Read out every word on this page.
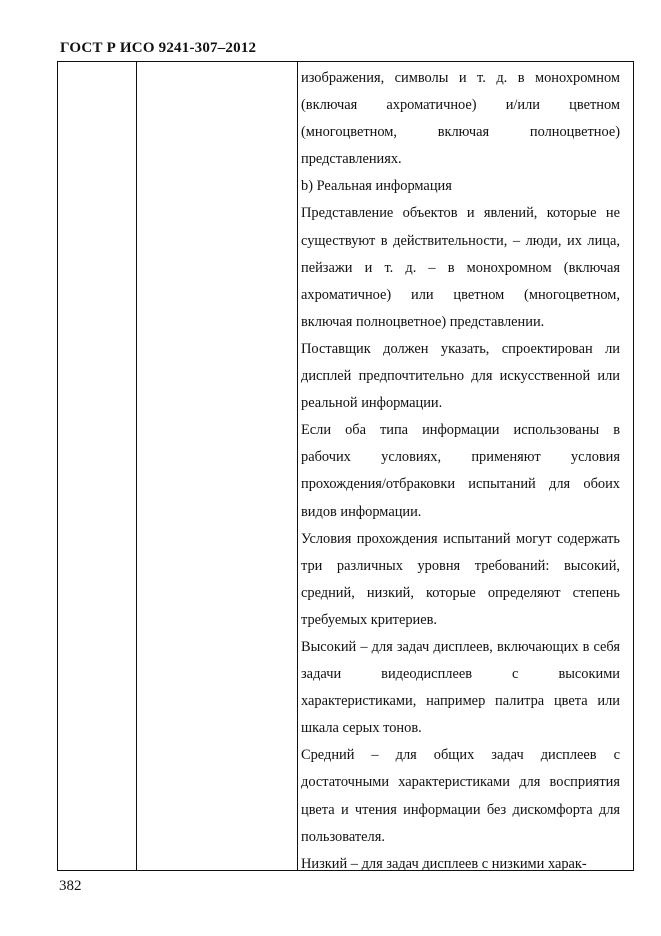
ГОСТ Р ИСО 9241-307–2012

изображения, символы и т. д. в монохромном (включая ахроматичное) и/или цветном (многоцветном, включая полноцветное) представлениях.

b) Реальная информация

Представление объектов и явлений, которые не существуют в действительности, – люди, их лица, пейзажи и т. д. – в монохромном (включая ахроматичное) или цветном (многоцветном, включая полноцветное) представлении.

Поставщик должен указать, спроектирован ли дисплей предпочтительно для искусственной или реальной информации.

Если оба типа информации использованы в рабочих условиях, применяют условия прохождения/отбраковки испытаний для обоих видов информации.

Условия прохождения испытаний могут содержать три различных уровня требований: высокий, средний, низкий, которые определяют степень требуемых критериев.

Высокий – для задач дисплеев, включающих в себя задачи видеодисплеев с высокими характеристиками, например палитра цвета или шкала серых тонов.

Средний – для общих задач дисплеев с достаточными характеристиками для восприятия цвета и чтения информации без дискомфорта для пользователя.

Низкий – для задач дисплеев с низкими харак-

382
